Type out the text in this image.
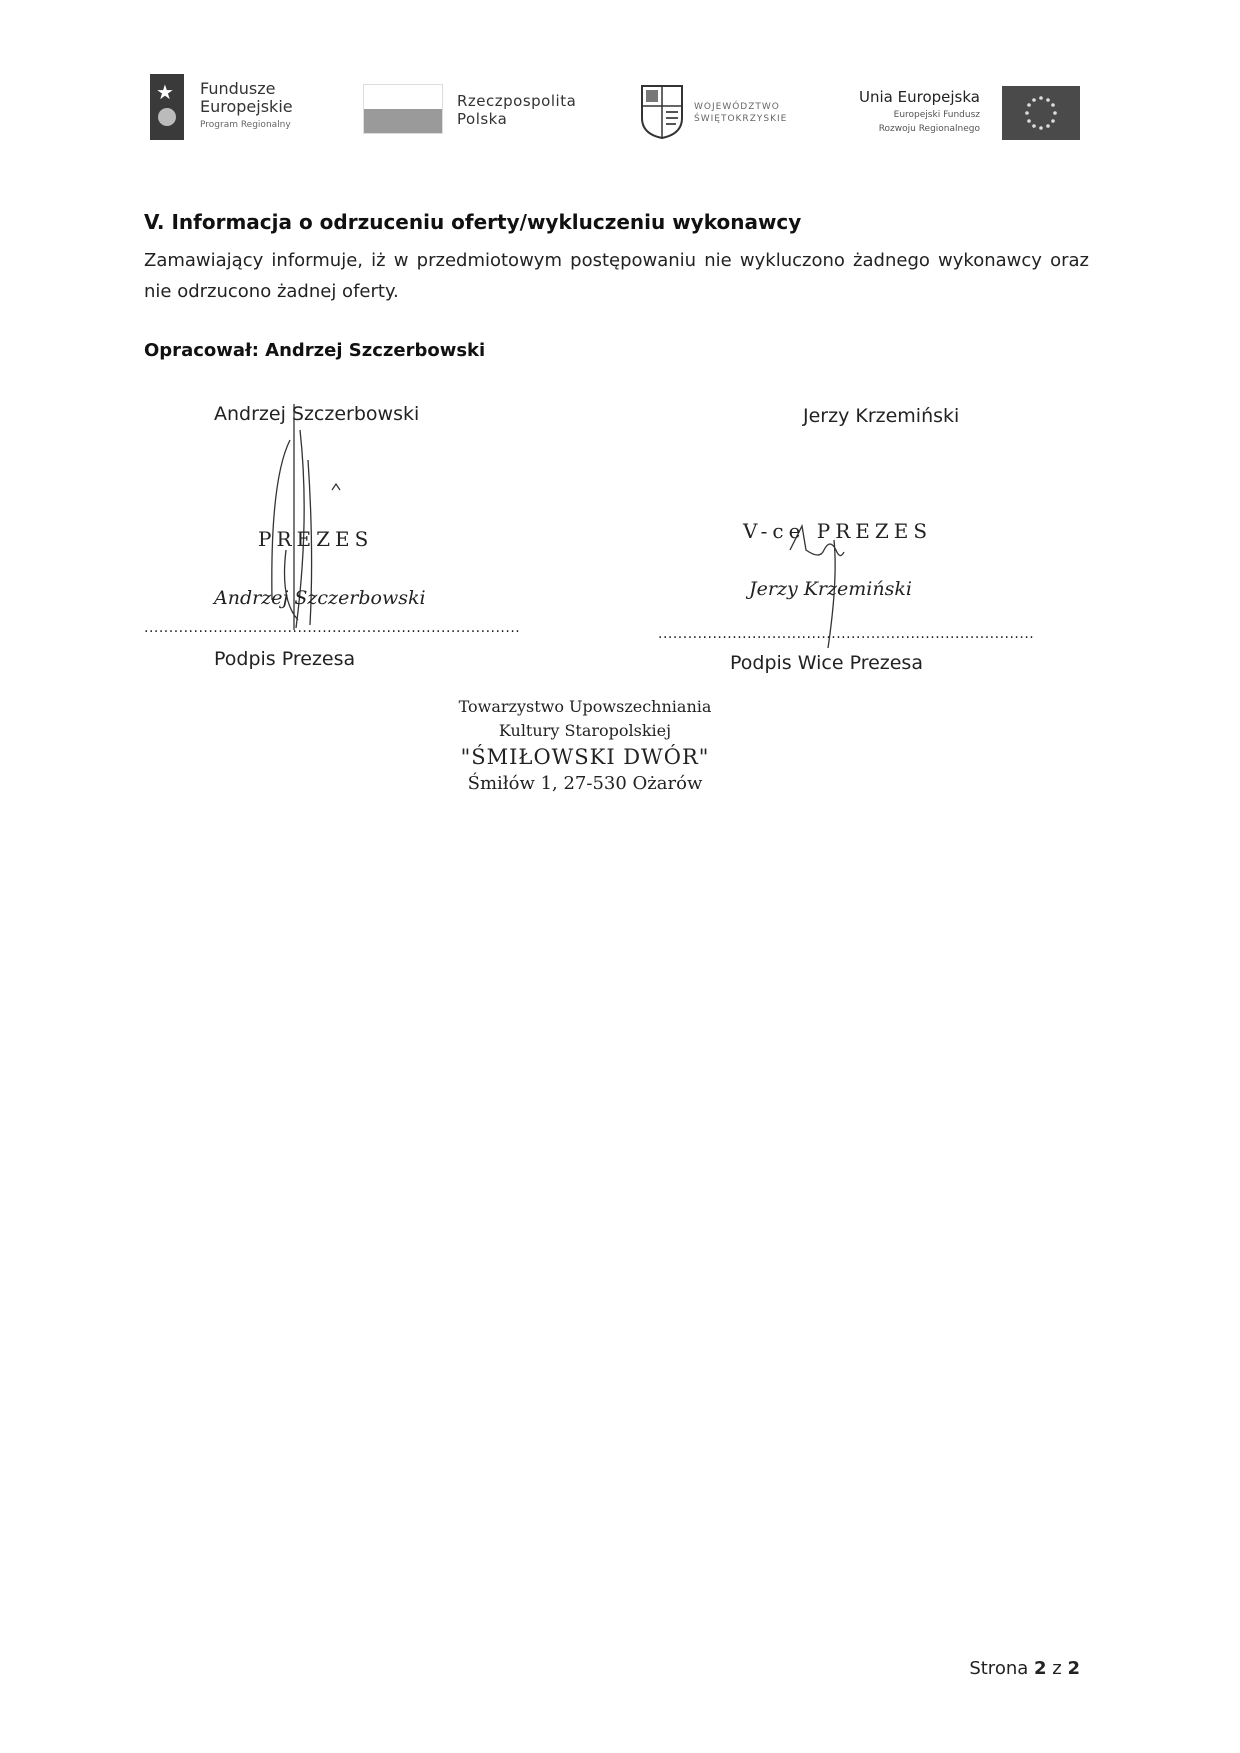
★ Fundusze
Europejskie
Program Regionalny
Rzeczpospolita
Polska
WOJEWÓDZTWO
ŚWIĘTOKRZYSKIE
Unia Europejska
Europejski Fundusz
Rozwoju Regionalnego
V. Informacja o odrzuceniu oferty/wykluczeniu wykonawcy
Zamawiający informuje, iż w przedmiotowym postępowaniu nie wykluczono żadnego wykonawcy oraz nie odrzucono żadnej oferty.
Opracował: Andrzej Szczerbowski
Andrzej Szczerbowski
PREZES
Andrzej Szczerbowski
............................................................................
Podpis Prezesa
Jerzy Krzemiński
V-ce PREZES
Jerzy Krzemiński
............................................................................
Podpis Wice Prezesa
Towarzystwo Upowszechniania
Kultury Staropolskiej
"ŚMIŁOWSKI DWÓR"
Śmiłów 1, 27-530 Ożarów
Strona 2 z 2
